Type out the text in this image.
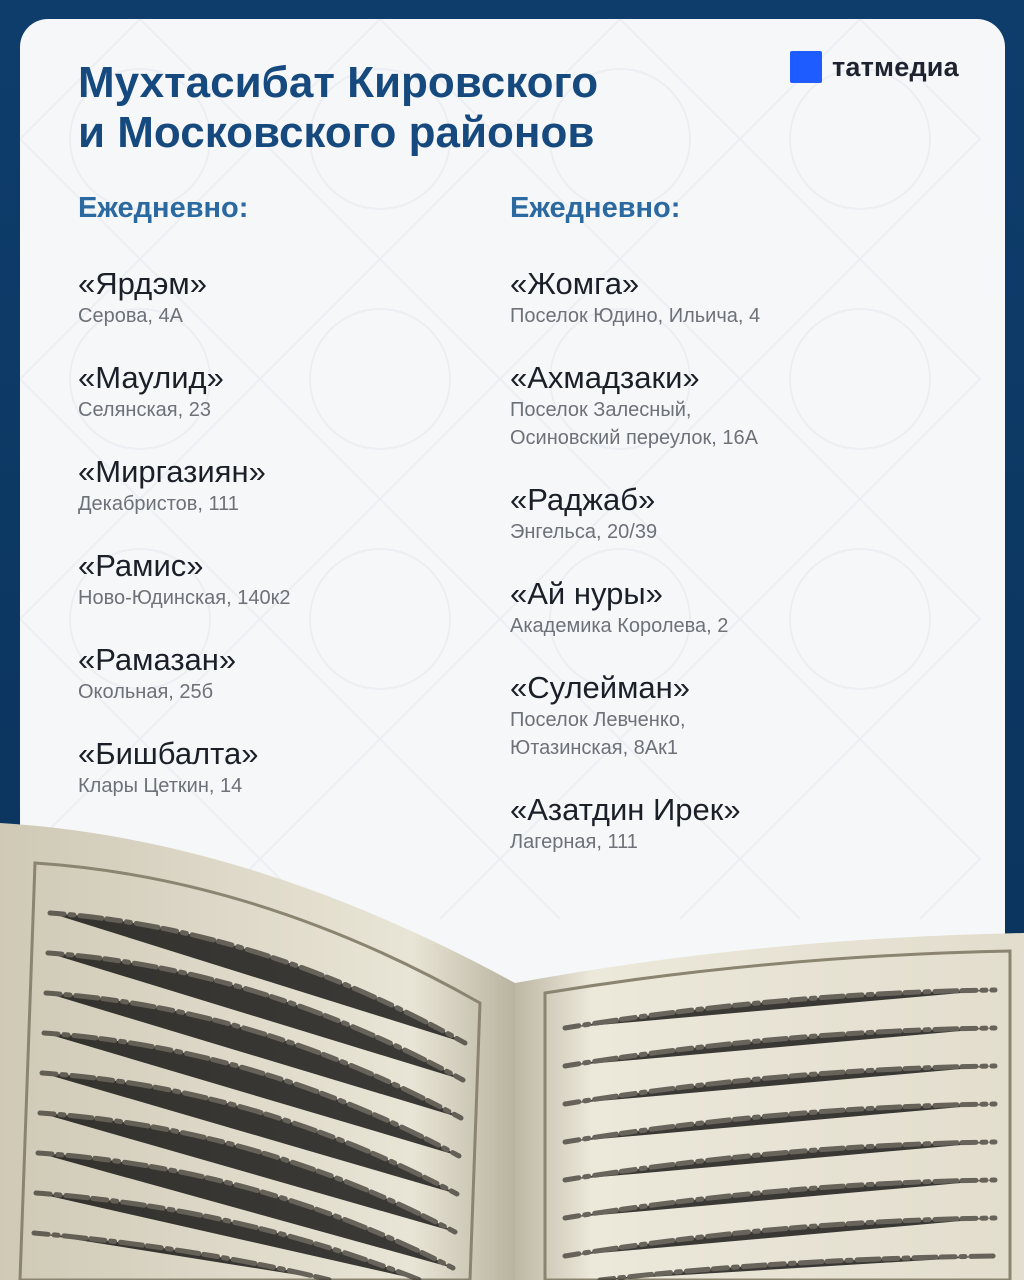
татмедиа
Мухтасибат Кировского
и Московского районов
Ежедневно:
«Ярдэм»
Серова, 4А
«Маулид»
Селянская, 23
«Миргазиян»
Декабристов, 111
«Рамис»
Ново-Юдинская, 140к2
«Рамазан»
Окольная, 25б
«Бишбалта»
Клары Цеткин, 14
Ежедневно:
«Жомга»
Поселок Юдино, Ильича, 4
«Ахмадзаки»
Поселок Залесный,
Осиновский переулок, 16А
«Раджаб»
Энгельса, 20/39
«Ай нуры»
Академика Королева, 2
«Сулейман»
Поселок Левченко,
Ютазинская, 8Ак1
«Азатдин Ирек»
Лагерная, 111
